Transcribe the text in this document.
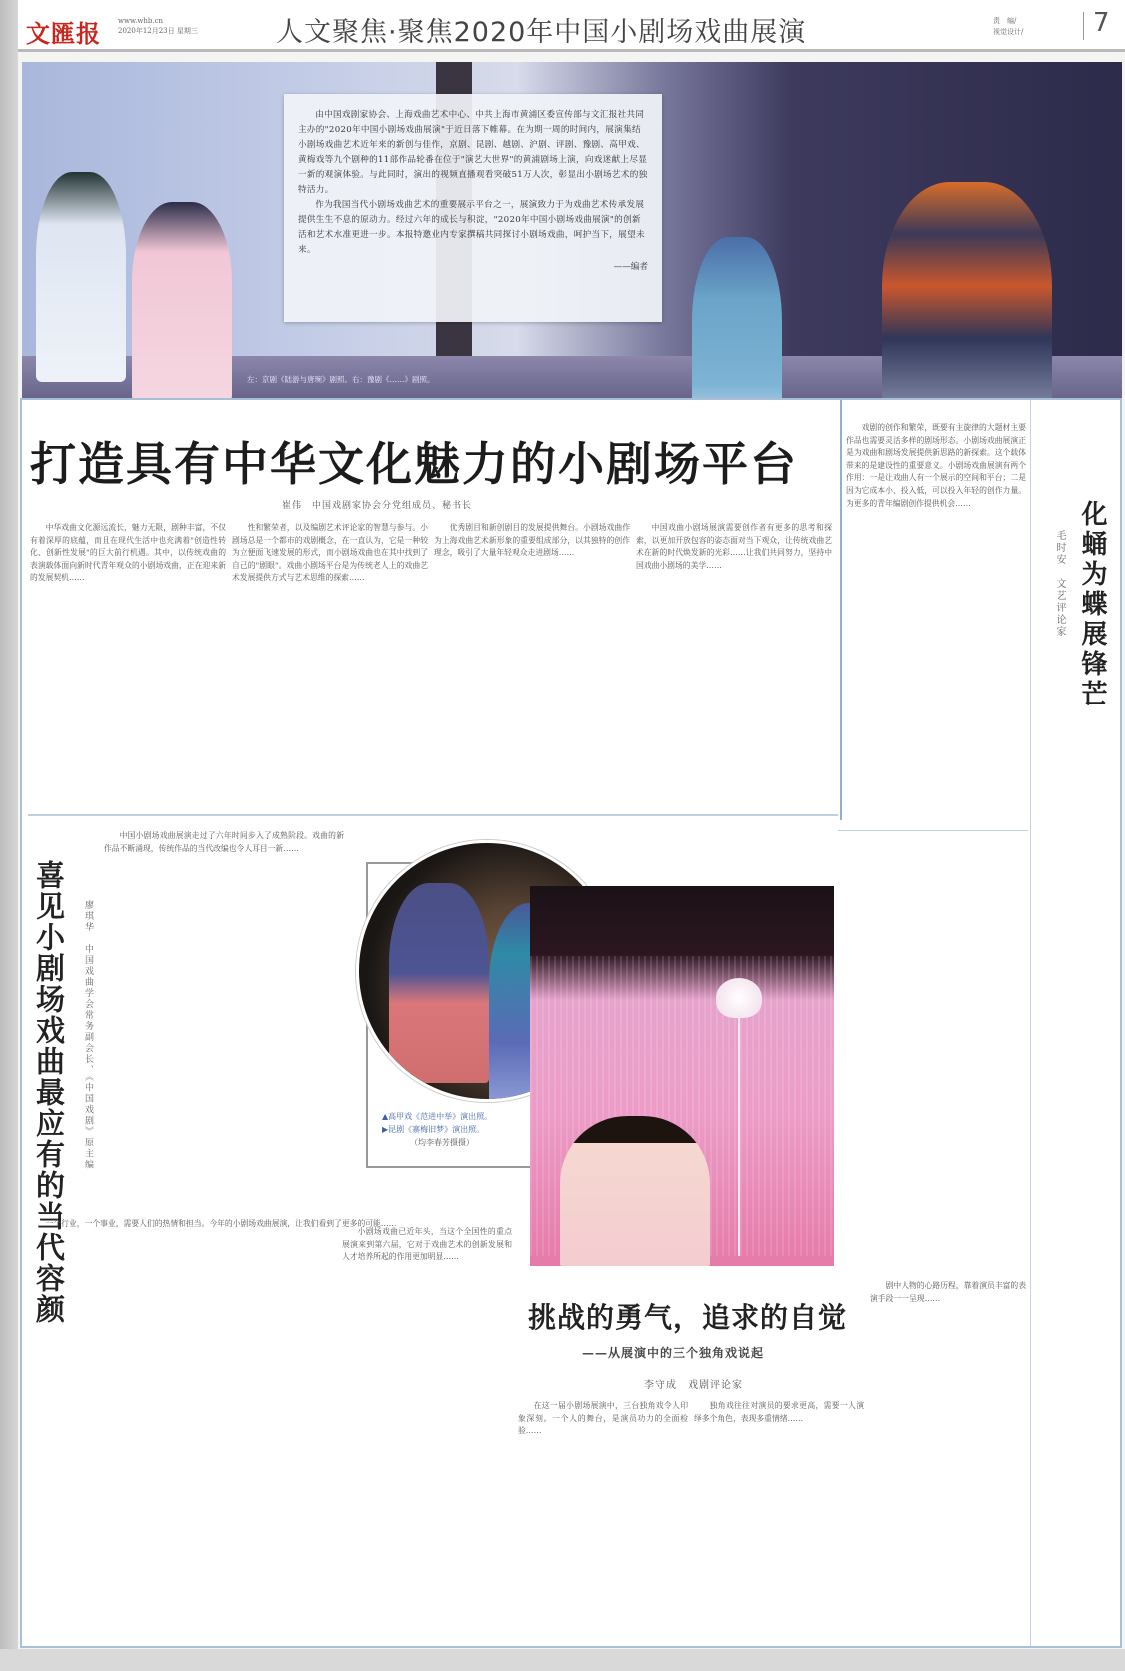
文匯报 www.whb.cn
2020年12月23日 星期三	人文聚焦·聚焦2020年中国小剧场戏曲展演	责　编/
视觉设计/	7

由中国戏剧家协会、上海戏曲艺术中心、中共上海市黄浦区委宣传部与文汇报社共同主办的"2020年中国小剧场戏曲展演"于近日落下帷幕。在为期一周的时间内，展演集结小剧场戏曲艺术近年来的新创与佳作，京剧、昆剧、越剧、沪剧、评剧、豫剧、高甲戏、黄梅戏等九个剧种的11部作品轮番在位于"演艺大世界"的黄浦剧场上演，向戏迷献上尽显一新的观演体验。与此同时，演出的视频直播观看突破51万人次，彰显出小剧场艺术的独特活力。

作为我国当代小剧场戏曲艺术的重要展示平台之一，展演致力于为戏曲艺术传承发展提供生生不息的原动力。经过六年的成长与积淀，"2020年中国小剧场戏曲展演"的创新活和艺术水准更进一步。本报特邀业内专家撰稿共同探讨小剧场戏曲，呵护当下，展望未来。

——编者
左：京剧《陆游与唐琬》剧照。右：豫剧《……》剧照。
打造具有中华文化魅力的小剧场平台
崔伟　中国戏剧家协会分党组成员、秘书长

中华戏曲文化源远流长，魅力无限，剧种丰富，不仅有着深厚的底蕴，而且在现代生活中也充满着"创造性转化、创新性发展"的巨大前行机遇。其中，以传统戏曲的表演载体面向新时代青年观众的小剧场戏曲，正在迎来新的发展契机……

性和繁荣者，以及编剧艺术评论家的智慧与参与。小剧场总是一个都市的戏剧概念，在一直认为，它是一种较为立便面飞速发展的形式，而小剧场戏曲也在其中找到了自己的"剧眼"。戏曲小剧场平台是为传统老人上的戏曲艺术发展提供方式与艺术思维的探索……

优秀剧目和新创剧目的发展提供舞台。小剧场戏曲作为上海戏曲艺术新形象的重要组成部分，以其独特的创作理念，吸引了大量年轻观众走进剧场……

中国戏曲小剧场展演需要创作者有更多的思考和探索，以更加开放包容的姿态面对当下观众，让传统戏曲艺术在新的时代焕发新的光彩……让我们共同努力，坚持中国戏曲小剧场的美学……

戏剧的创作和繁荣，既要有主旋律的大题材主要作品也需要灵活多样的剧场形态。小剧场戏曲展演正是为戏曲和剧场发展提供新思路的新探索。这个载体带来的是建设性的重要意义。小剧场戏曲展演有两个作用：一是让戏曲人有一个展示的空间和平台；二是因为它成本小、投入低，可以投入年轻的创作力量。为更多的青年编剧创作提供机会……	化蛹为蝶展锋芒
毛时安　文艺评论家
喜见小剧场戏曲最应有的当代容颜 廖琪华　中国戏曲学会常务副会长、《中国戏剧》原主编

中国小剧场戏曲展演走过了六年时间步入了成熟阶段。戏曲的新作品不断涌现，传统作品的当代改编也令人耳目一新……

一个行业，一个事业，需要人们的热情和担当。今年的小剧场戏曲展演，让我们看到了更多的可能……

▲高甲戏《范进中举》演出照。
▶昆剧《寨梅旧梦》演出照。
（均李春芳摄摄）
挑战的勇气，追求的自觉
——从展演中的三个独角戏说起
李守成　戏剧评论家

小剧场戏曲已近年头，当这个全国性的重点展演来到第六届，它对于戏曲艺术的创新发展和人才培养所起的作用更加明显……

在这一届小剧场展演中，三台独角戏令人印象深刻。一个人的舞台，是演员功力的全面检验……

独角戏往往对演员的要求更高，需要一人演绎多个角色，表现多重情绪……

剧中人物的心路历程，靠着演员丰富的表演手段一一呈现……
